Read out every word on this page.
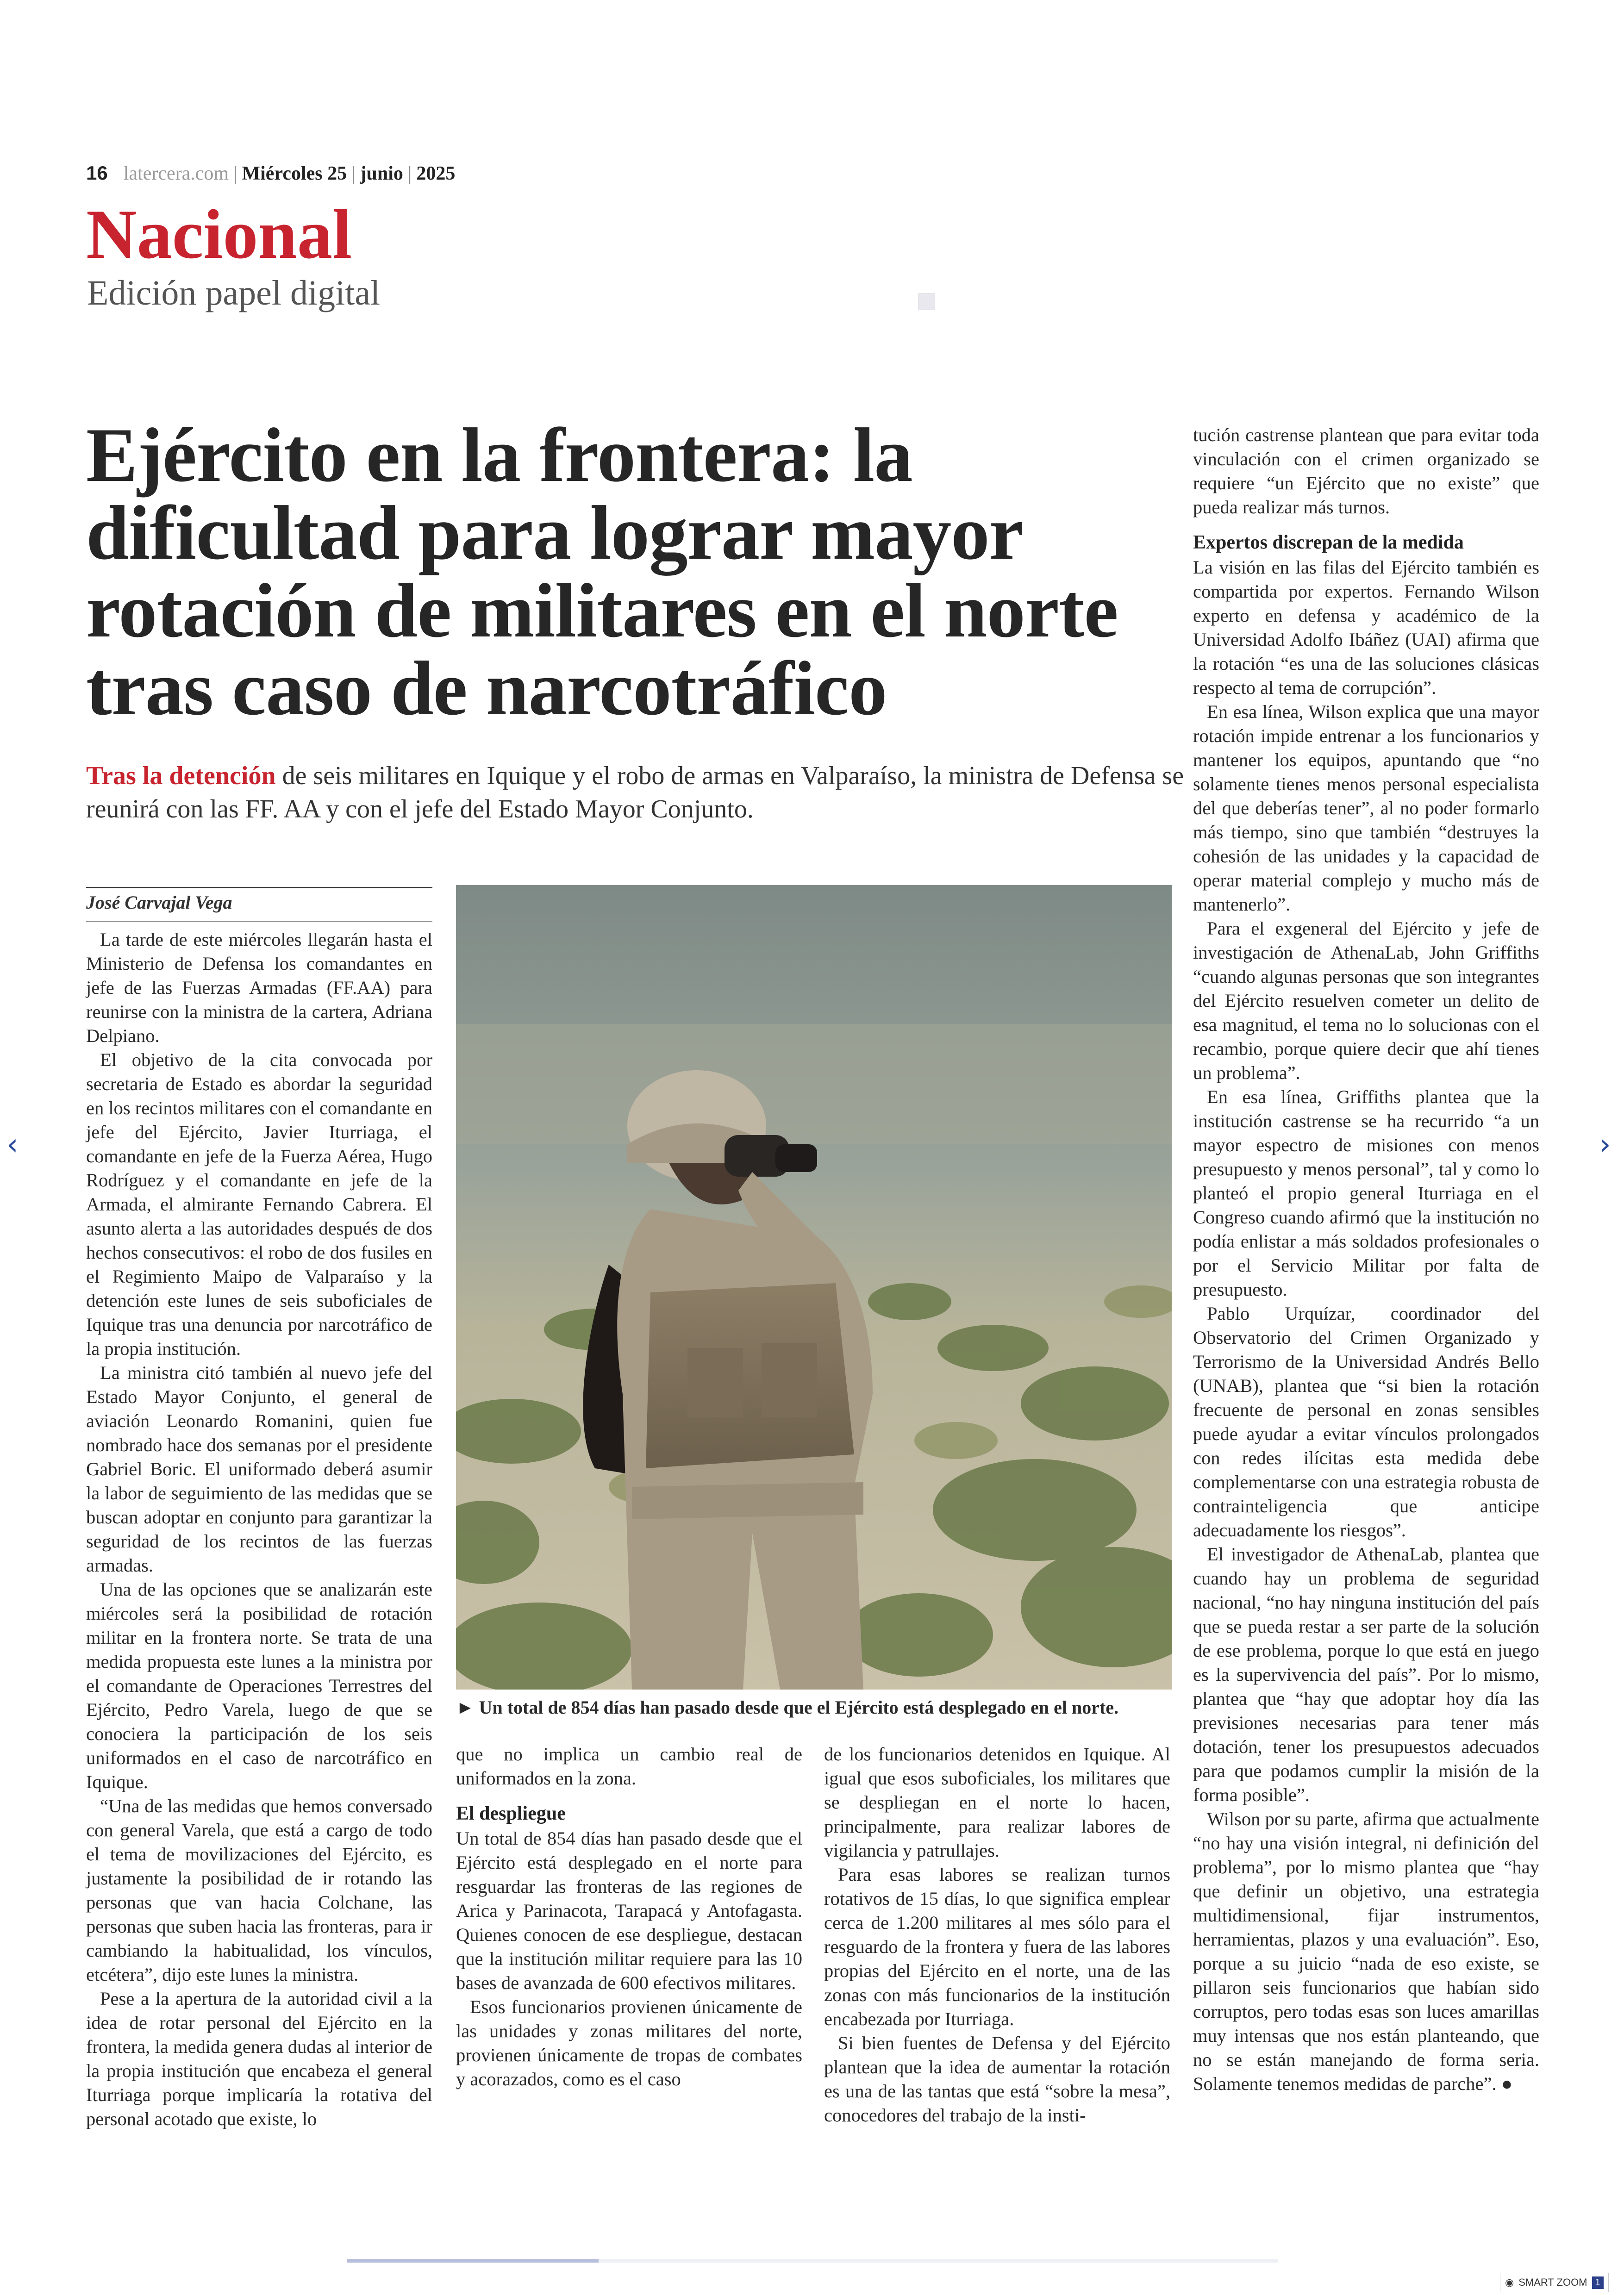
16 latercera.com | Miércoles 25 | junio | 2025
Nacional
Edición papel digital
Ejército en la frontera: la dificultad para lograr mayor rotación de militares en el norte tras caso de narcotráfico

Tras la detención de seis militares en Iquique y el robo de armas en Valparaíso, la ministra de Defensa se reunirá con las FF. AA y con el jefe del Estado Mayor Conjunto.

José Carvajal Vega

La tarde de este miércoles llegarán hasta el Ministerio de Defensa los comandantes en jefe de las Fuerzas Armadas (FF.AA) para reunirse con la ministra de la cartera, Adriana Delpiano.

El objetivo de la cita convocada por secretaria de Estado es abordar la seguridad en los recintos militares con el comandante en jefe del Ejército, Javier Iturriaga, el comandante en jefe de la Fuerza Aérea, Hugo Rodríguez y el comandante en jefe de la Armada, el almirante Fernando Cabrera. El asunto alerta a las autoridades después de dos hechos consecutivos: el robo de dos fusiles en el Regimiento Maipo de Valparaíso y la detención este lunes de seis suboficiales de Iquique tras una denuncia por narcotráfico de la propia institución.

La ministra citó también al nuevo jefe del Estado Mayor Conjunto, el general de aviación Leonardo Romanini, quien fue nombrado hace dos semanas por el presidente Gabriel Boric. El uniformado deberá asumir la labor de seguimiento de las medidas que se buscan adoptar en conjunto para garantizar la seguridad de los recintos de las fuerzas armadas.

Una de las opciones que se analizarán este miércoles será la posibilidad de rotación militar en la frontera norte. Se trata de una medida propuesta este lunes a la ministra por el comandante de Operaciones Terrestres del Ejército, Pedro Varela, luego de que se conociera la participación de los seis uniformados en el caso de narcotráfico en Iquique.

“Una de las medidas que hemos conversado con general Varela, que está a cargo de todo el tema de movilizaciones del Ejército, es justamente la posibilidad de ir rotando las personas que van hacia Colchane, las personas que suben hacia las fronteras, para ir cambiando la habitualidad, los vínculos, etcétera”, dijo este lunes la ministra.

Pese a la apertura de la autoridad civil a la idea de rotar personal del Ejército en la frontera, la medida genera dudas al interior de la propia institución que encabeza el general Iturriaga porque implicaría la rotativa del personal acotado que existe, lo

► Un total de 854 días han pasado desde que el Ejército está desplegado en el norte.

que no implica un cambio real de uniformados en la zona.

El despliegue

Un total de 854 días han pasado desde que el Ejército está desplegado en el norte para resguardar las fronteras de las regiones de Arica y Parinacota, Tarapacá y Antofagasta. Quienes conocen de ese despliegue, destacan que la institución militar requiere para las 10 bases de avanzada de 600 efectivos militares.

Esos funcionarios provienen únicamente de las unidades y zonas militares del norte, provienen únicamente de tropas de combates y acorazados, como es el caso

de los funcionarios detenidos en Iquique. Al igual que esos suboficiales, los militares que se despliegan en el norte lo hacen, principalmente, para realizar labores de vigilancia y patrullajes.

Para esas labores se realizan turnos rotativos de 15 días, lo que significa emplear cerca de 1.200 militares al mes sólo para el resguardo de la frontera y fuera de las labores propias del Ejército en el norte, una de las zonas con más funcionarios de la institución encabezada por Iturriaga.

Si bien fuentes de Defensa y del Ejército plantean que la idea de aumentar la rotación es una de las tantas que está “sobre la mesa”, conocedores del trabajo de la insti-

tución castrense plantean que para evitar toda vinculación con el crimen organizado se requiere “un Ejército que no existe” que pueda realizar más turnos.

Expertos discrepan de la medida

La visión en las filas del Ejército también es compartida por expertos. Fernando Wilson experto en defensa y académico de la Universidad Adolfo Ibáñez (UAI) afirma que la rotación “es una de las soluciones clásicas respecto al tema de corrupción”.

En esa línea, Wilson explica que una mayor rotación impide entrenar a los funcionarios y mantener los equipos, apuntando que “no solamente tienes menos personal especialista del que deberías tener”, al no poder formarlo más tiempo, sino que también “destruyes la cohesión de las unidades y la capacidad de operar material complejo y mucho más de mantenerlo”.

Para el exgeneral del Ejército y jefe de investigación de AthenaLab, John Griffiths “cuando algunas personas que son integrantes del Ejército resuelven cometer un delito de esa magnitud, el tema no lo solucionas con el recambio, porque quiere decir que ahí tienes un problema”.

En esa línea, Griffiths plantea que la institución castrense se ha recurrido “a un mayor espectro de misiones con menos presupuesto y menos personal”, tal y como lo planteó el propio general Iturriaga en el Congreso cuando afirmó que la institución no podía enlistar a más soldados profesionales o por el Servicio Militar por falta de presupuesto.

Pablo Urquízar, coordinador del Observatorio del Crimen Organizado y Terrorismo de la Universidad Andrés Bello (UNAB), plantea que “si bien la rotación frecuente de personal en zonas sensibles puede ayudar a evitar vínculos prolongados con redes ilícitas esta medida debe complementarse con una estrategia robusta de contrainteligencia que anticipe adecuadamente los riesgos”.

El investigador de AthenaLab, plantea que cuando hay un problema de seguridad nacional, “no hay ninguna institución del país que se pueda restar a ser parte de la solución de ese problema, porque lo que está en juego es la supervivencia del país”. Por lo mismo, plantea que “hay que adoptar hoy día las previsiones necesarias para tener más dotación, tener los presupuestos adecuados para que podamos cumplir la misión de la forma posible”.

Wilson por su parte, afirma que actualmente “no hay una visión integral, ni definición del problema”, por lo mismo plantea que “hay que definir un objetivo, una estrategia multidimensional, fijar instrumentos, herramientas, plazos y una evaluación”. Eso, porque a su juicio “nada de eso existe, se pillaron seis funcionarios que habían sido corruptos, pero todas esas son luces amarillas muy intensas que nos están planteando, que no se están manejando de forma seria. Solamente tenemos medidas de parche”. ●

‹	›
◉ SMART ZOOM 1
